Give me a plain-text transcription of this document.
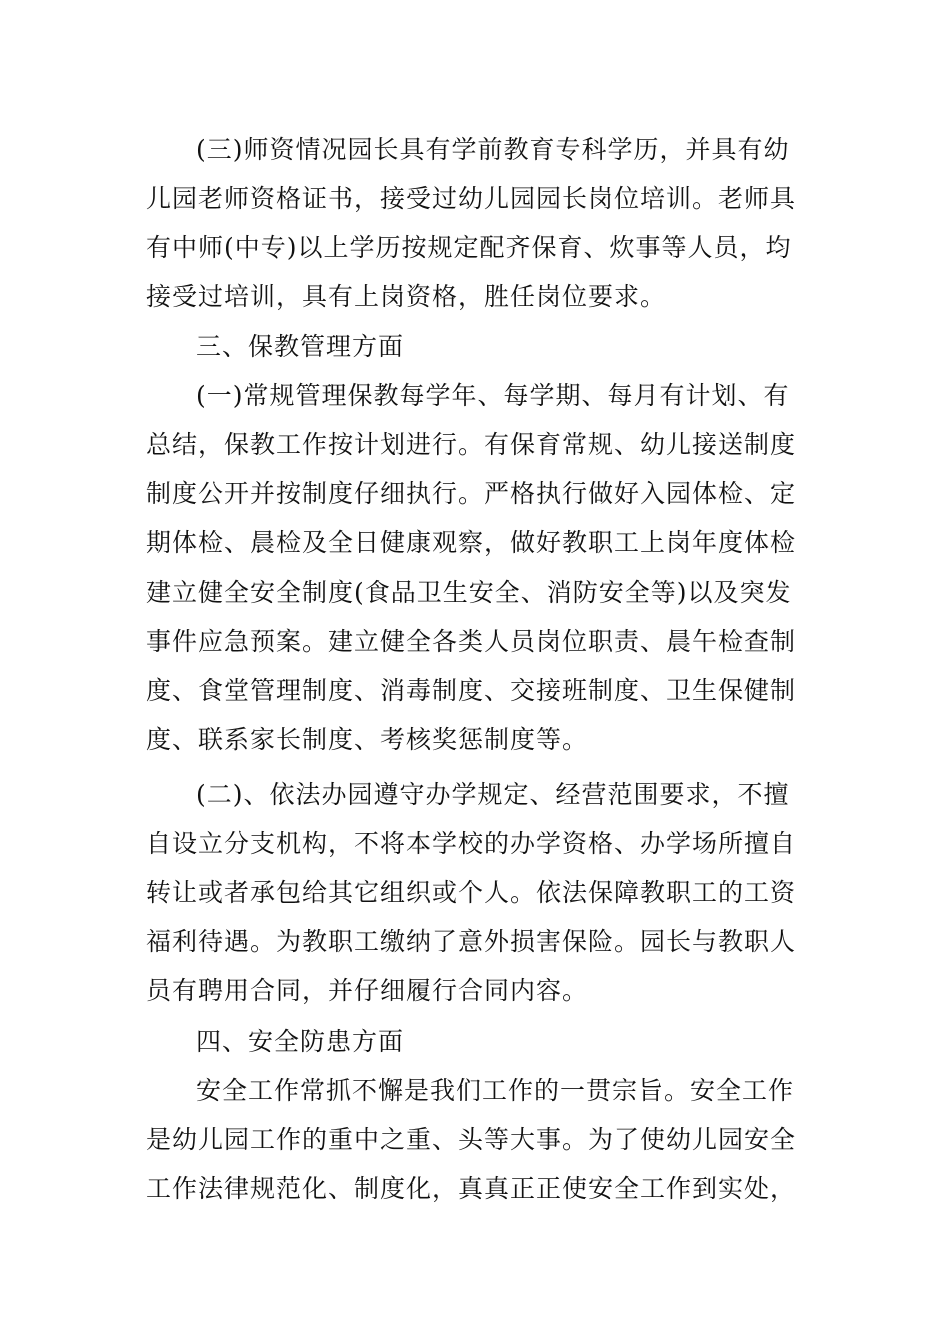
(三)师资情况园长具有学前教育专科学历，并具有幼
儿园老师资格证书，接受过幼儿园园长岗位培训。老师具
有中师(中专)以上学历按规定配齐保育、炊事等人员，均
接受过培训，具有上岗资格，胜任岗位要求。
三、保教管理方面
(一)常规管理保教每学年、每学期、每月有计划、有
总结，保教工作按计划进行。有保育常规、幼儿接送制度
制度公开并按制度仔细执行。严格执行做好入园体检、定
期体检、晨检及全日健康观察，做好教职工上岗年度体检
建立健全安全制度(食品卫生安全、消防安全等)以及突发
事件应急预案。建立健全各类人员岗位职责、晨午检查制
度、食堂管理制度、消毒制度、交接班制度、卫生保健制
度、联系家长制度、考核奖惩制度等。
(二)、依法办园遵守办学规定、经营范围要求，不擅
自设立分支机构，不将本学校的办学资格、办学场所擅自
转让或者承包给其它组织或个人。依法保障教职工的工资
福利待遇。为教职工缴纳了意外损害保险。园长与教职人
员有聘用合同，并仔细履行合同内容。
四、安全防患方面
安全工作常抓不懈是我们工作的一贯宗旨。安全工作
是幼儿园工作的重中之重、头等大事。为了使幼儿园安全
工作法律规范化、制度化，真真正正使安全工作到实处，
